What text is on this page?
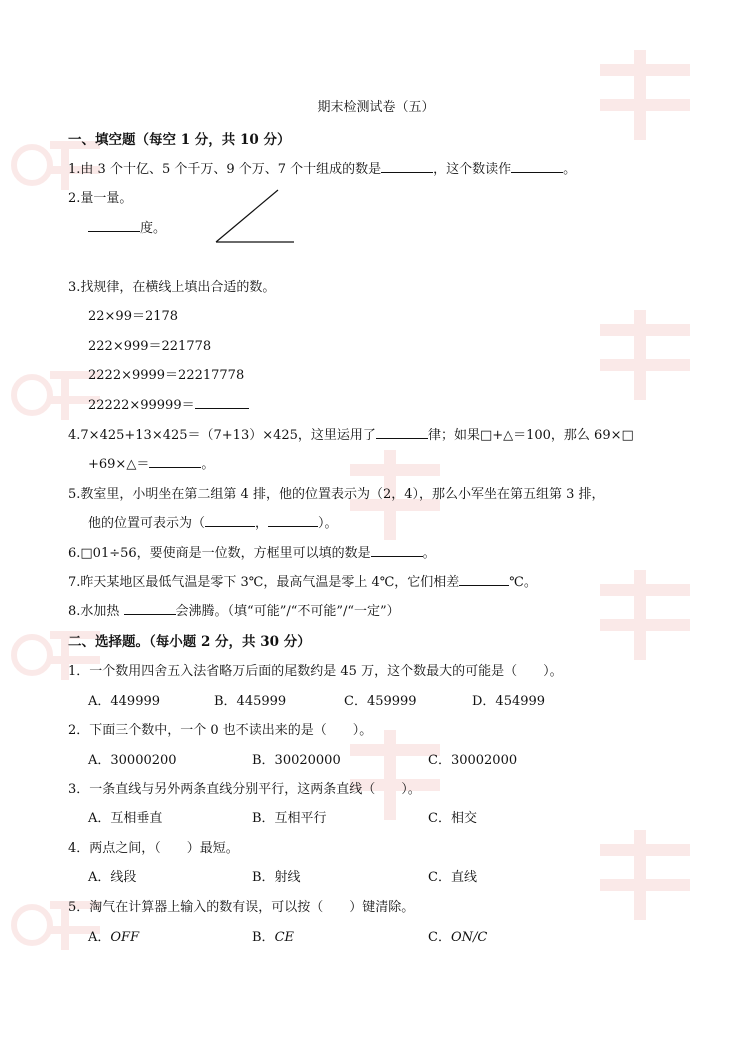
期末检测试卷（五）
一、填空题（每空 1 分，共 10 分）
1.由 3 个十亿、5 个千万、9 个万、7 个十组成的数是	，这个数读作	。
2.量一量。
度。
3.找规律，在横线上填出合适的数。
22×99＝2178
222×999＝221778
2222×9999＝22217778
22222×99999＝
4.7×425+13×425＝（7+13）×425，这里运用了	律；如果□+△＝100，那么 69×□
+69×△＝	。
5.教室里，小明坐在第二组第 4 排，他的位置表示为（2，4），那么小军坐在第五组第 3 排，
他的位置可表示为（	，	）。
6.□01÷56，要使商是一位数，方框里可以填的数是	。
7.昨天某地区最低气温是零下 3℃，最高气温是零上 4℃，它们相差	℃。
8.水加热	会沸腾。（填“可能”/“不可能”/“一定”）
二、选择题。（每小题 2 分，共 30 分）
1．一个数用四舍五入法省略万后面的尾数约是 45 万，这个数最大的可能是（　　）。
A．449999	B．445999	C．459999	D．454999
2．下面三个数中，一个 0 也不读出来的是（　　）。
A．30000200	B．30020000	C．30002000
3．一条直线与另外两条直线分别平行，这两条直线（　　）。
A．互相垂直	B．互相平行	C．相交
4．两点之间，（　　）最短。
A．线段	B．射线	C．直线
5．淘气在计算器上输入的数有误，可以按（　　）键清除。
A．OFF	B．CE	C．ON/C
